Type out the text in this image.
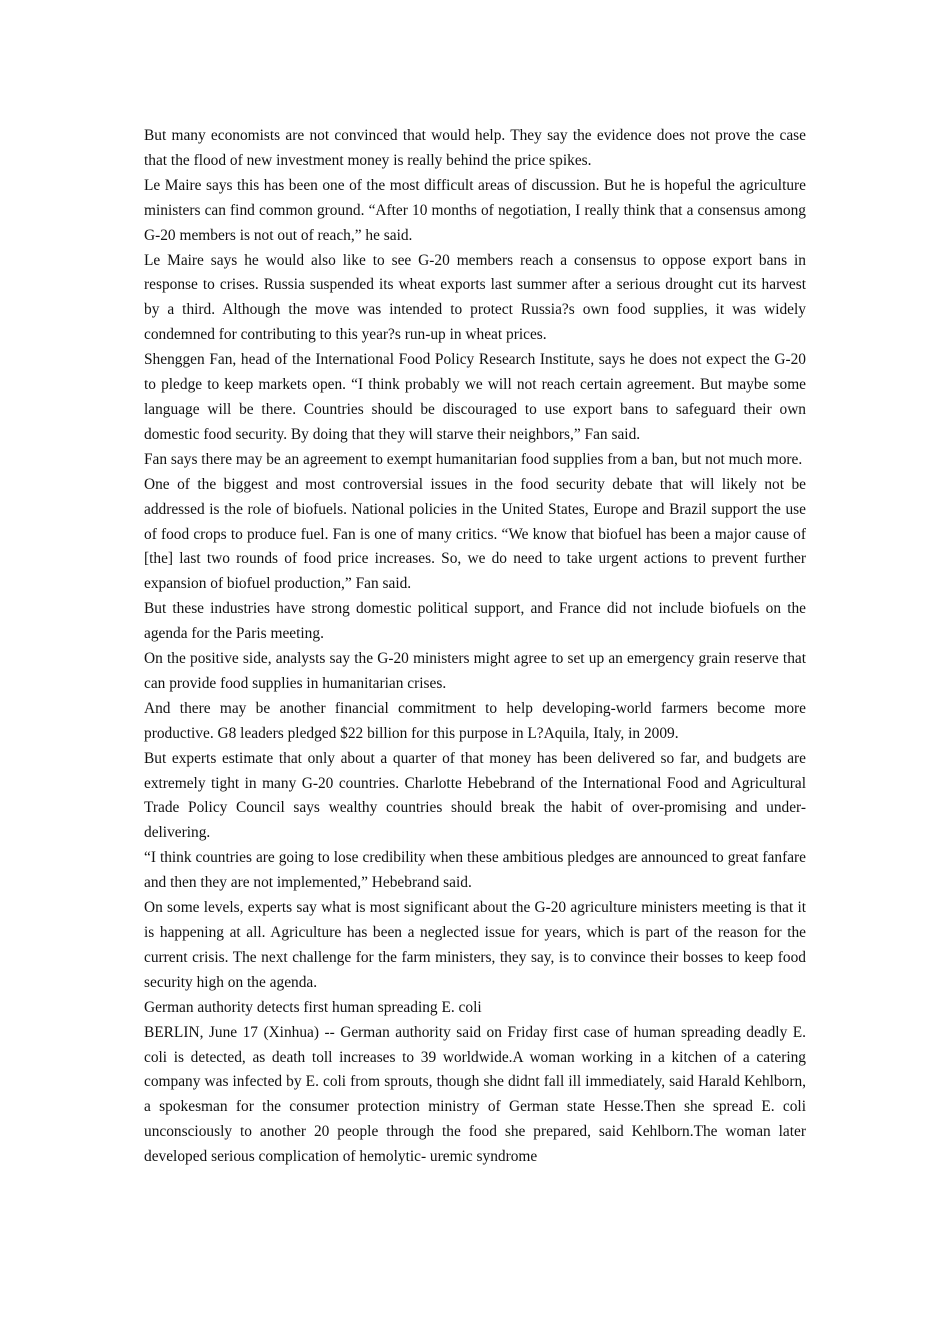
But many economists are not convinced that would help. They say the evidence does not prove the case that the flood of new investment money is really behind the price spikes.

Le Maire says this has been one of the most difficult areas of discussion. But he is hopeful the agriculture ministers can find common ground. “After 10 months of negotiation, I really think that a consensus among G-20 members is not out of reach,” he said.

Le Maire says he would also like to see G-20 members reach a consensus to oppose export bans in response to crises. Russia suspended its wheat exports last summer after a serious drought cut its harvest by a third. Although the move was intended to protect Russia?s own food supplies, it was widely condemned for contributing to this year?s run-up in wheat prices.

Shenggen Fan, head of the International Food Policy Research Institute, says he does not expect the G-20 to pledge to keep markets open. “I think probably we will not reach certain agreement. But maybe some language will be there. Countries should be discouraged to use export bans to safeguard their own domestic food security. By doing that they will starve their neighbors,” Fan said.

Fan says there may be an agreement to exempt humanitarian food supplies from a ban, but not much more.

One of the biggest and most controversial issues in the food security debate that will likely not be addressed is the role of biofuels. National policies in the United States, Europe and Brazil support the use of food crops to produce fuel. Fan is one of many critics. “We know that biofuel has been a major cause of [the] last two rounds of food price increases. So, we do need to take urgent actions to prevent further expansion of biofuel production,” Fan said.

But these industries have strong domestic political support, and France did not include biofuels on the agenda for the Paris meeting.

On the positive side, analysts say the G-20 ministers might agree to set up an emergency grain reserve that can provide food supplies in humanitarian crises.

And there may be another financial commitment to help developing-world farmers become more productive. G8 leaders pledged $22 billion for this purpose in L?Aquila, Italy, in 2009.

But experts estimate that only about a quarter of that money has been delivered so far, and budgets are extremely tight in many G-20 countries. Charlotte Hebebrand of the International Food and Agricultural Trade Policy Council says wealthy countries should break the habit of over-promising and under-delivering.

“I think countries are going to lose credibility when these ambitious pledges are announced to great fanfare and then they are not implemented,” Hebebrand said.

On some levels, experts say what is most significant about the G-20 agriculture ministers meeting is that it is happening at all. Agriculture has been a neglected issue for years, which is part of the reason for the current crisis. The next challenge for the farm ministers, they say, is to convince their bosses to keep food security high on the agenda.

German authority detects first human spreading E. coli

BERLIN, June 17 (Xinhua) -- German authority said on Friday first case of human spreading deadly E. coli is detected, as death toll increases to 39 worldwide.A woman working in a kitchen of a catering company was infected by E. coli from sprouts, though she didnt fall ill immediately, said Harald Kehlborn, a spokesman for the consumer protection ministry of German state Hesse.Then she spread E. coli unconsciously to another 20 people through the food she prepared, said Kehlborn.The woman later developed serious complication of hemolytic- uremic syndrome
